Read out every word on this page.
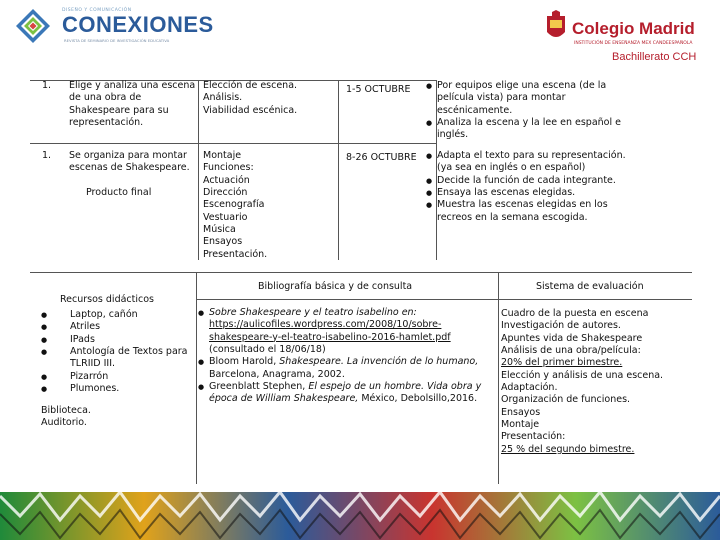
DISEÑO Y COMUNICACIÓN
CONEXIONES
REVISTA DE SEMINARIO DE INVESTIGACIÓN EDUCATIVA
Colegio Madrid
INSTITUCIÓN DE ENSEÑANZA MEX CANDEESPAÑOLA
Bachillerato CCH
1. Elige y analiza una escena de una obra de Shakespeare para su representación.
Elección de escena.
Análisis.
Viabilidad escénica.
1-5 OCTUBRE	● Por equipos elige una escena (de la película vista) para montar escénicamente.
● Analiza la escena y la lee en español e inglés.
1. Se organiza para montar escenas de Shakespeare.
Producto final
Montaje
Funciones:
Actuación
Dirección
Escenografía
Vestuario
Música
Ensayos
Presentación.
8-26 OCTUBRE	● Adapta el texto para su representación. (ya sea en inglés o en español)
● Decide la función de cada integrante.
● Ensaya las escenas elegidas.
● Muestra las escenas elegidas en los recreos en la semana escogida.
Recursos didácticos
● Laptop, cañón
● Atriles
● IPads
● Antología de Textos para TLRIID III.
● Pizarrón
● Plumones.
Biblioteca.
Auditorio.
Bibliografía básica y de consulta
● Sobre Shakespeare y el teatro isabelino en:
https://aulicofiles.wordpress.com/2008/10/sobre-
shakespeare-y-el-teatro-isabelino-2016-hamlet.pdf
(consultado el 18/06/18)
● Bloom Harold, Shakespeare. La invención de lo humano, Barcelona, Anagrama, 2002.
● Greenblatt Stephen, El espejo de un hombre. Vida obra y época de William Shakespeare, México, Debolsillo,2016.
Sistema de evaluación
Cuadro de la puesta en escena
Investigación de autores.
Apuntes vida de Shakespeare
Análisis de una obra/película:
20% del primer bimestre.
Elección y análisis de una escena.
Adaptación.
Organización de funciones.
Ensayos
Montaje
Presentación:
25 % del segundo bimestre.
